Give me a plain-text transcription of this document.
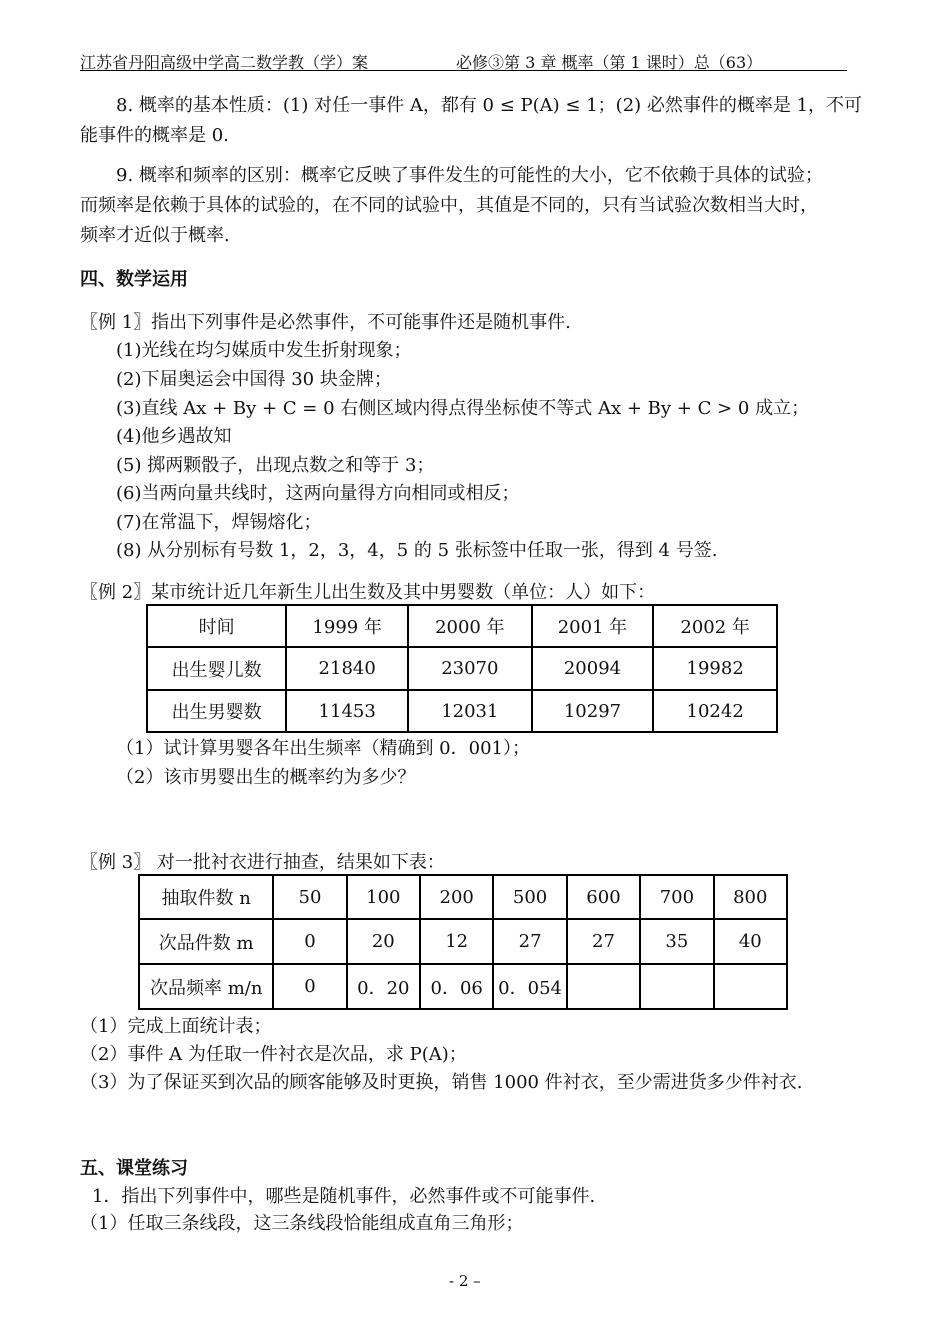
江苏省丹阳高级中学高二数学教（学）案	必修③第 3 章 概率（第 1 课时）总（63）
8. 概率的基本性质：(1) 对任一事件 A，都有 0 ≤ P(A) ≤ 1；(2) 必然事件的概率是 1，不可
能事件的概率是 0.
9. 概率和频率的区别：概率它反映了事件发生的可能性的大小，它不依赖于具体的试验；
而频率是依赖于具体的试验的，在不同的试验中，其值是不同的，只有当试验次数相当大时，
频率才近似于概率.
四、数学运用
〖例 1〗指出下列事件是必然事件，不可能事件还是随机事件.
(1)光线在均匀媒质中发生折射现象；
(2)下届奥运会中国得 30 块金牌；
(3)直线 Ax + By + C = 0 右侧区域内得点得坐标使不等式 Ax + By + C > 0 成立；
(4)他乡遇故知
(5) 掷两颗骰子，出现点数之和等于 3；
(6)当两向量共线时，这两向量得方向相同或相反；
(7)在常温下，焊锡熔化；
(8) 从分别标有号数 1，2，3，4，5 的 5 张标签中任取一张，得到 4 号签.
〖例 2〗某市统计近几年新生儿出生数及其中男婴数（单位：人）如下：
时间	1999 年	2000 年	2001 年	2002 年
出生婴儿数	21840	23070	20094	19982
出生男婴数	11453	12031	10297	10242
（1）试计算男婴各年出生频率（精确到 0．001）；
（2）该市男婴出生的概率约为多少？
〖例 3〗 对一批衬衣进行抽查，结果如下表：
抽取件数 n	50	100	200	500	600	700	800
次品件数 m	0	20	12	27	27	35	40
次品频率 m/n	0	0．20	0．06	0．054			
（1）完成上面统计表；
（2）事件 A 为任取一件衬衣是次品，求 P(A)；
（3）为了保证买到次品的顾客能够及时更换，销售 1000 件衬衣，至少需进货多少件衬衣.
五、课堂练习
1．指出下列事件中，哪些是随机事件，必然事件或不可能事件.
（1）任取三条线段，这三条线段恰能组成直角三角形；
- 2 –
